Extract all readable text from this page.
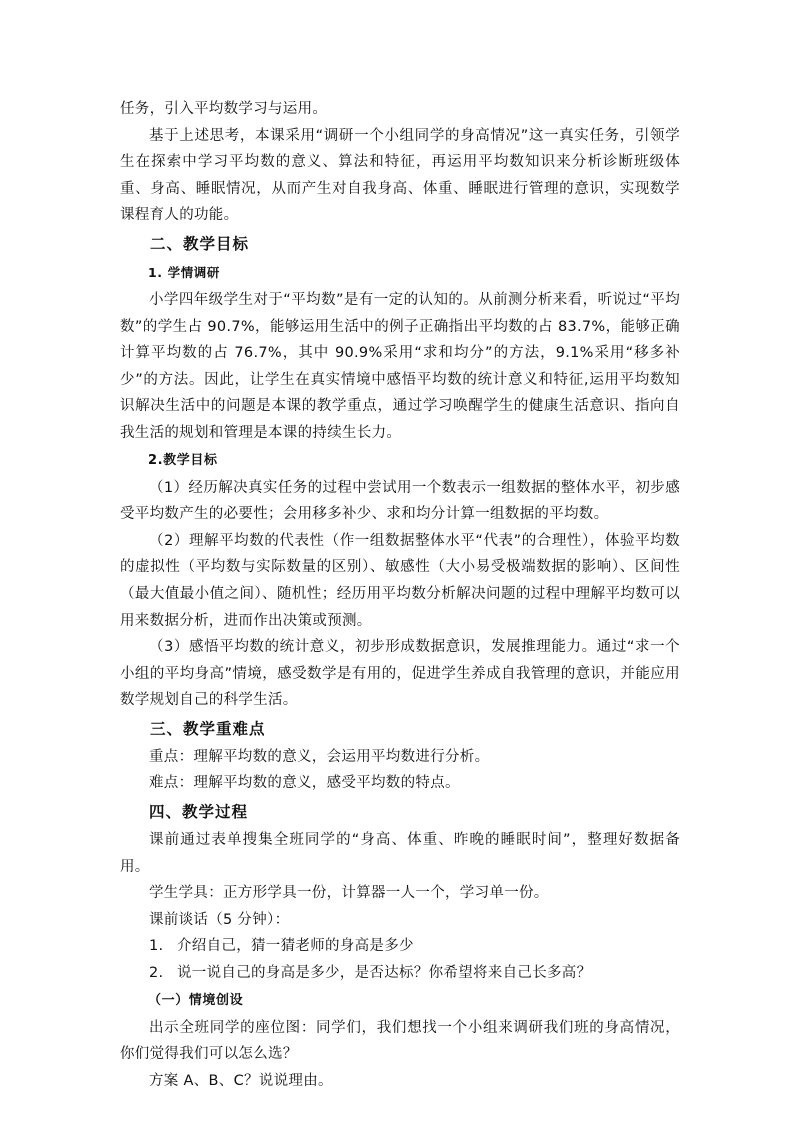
任务，引入平均数学习与运用。

基于上述思考，本课采用“调研一个小组同学的身高情况”这一真实任务，引领学生在探索中学习平均数的意义、算法和特征，再运用平均数知识来分析诊断班级体重、身高、睡眠情况，从而产生对自我身高、体重、睡眠进行管理的意识，实现数学课程育人的功能。

二、教学目标

1. 学情调研

小学四年级学生对于“平均数”是有一定的认知的。从前测分析来看，听说过“平均数”的学生占 90.7%，能够运用生活中的例子正确指出平均数的占 83.7%，能够正确计算平均数的占 76.7%，其中 90.9%采用“求和均分”的方法，9.1%采用“移多补少”的方法。因此，让学生在真实情境中感悟平均数的统计意义和特征,运用平均数知识解决生活中的问题是本课的教学重点，通过学习唤醒学生的健康生活意识、指向自我生活的规划和管理是本课的持续生长力。

2.教学目标

（1）经历解决真实任务的过程中尝试用一个数表示一组数据的整体水平，初步感受平均数产生的必要性；会用移多补少、求和均分计算一组数据的平均数。

（2）理解平均数的代表性（作一组数据整体水平“代表”的合理性），体验平均数的虚拟性（平均数与实际数量的区别）、敏感性（大小易受极端数据的影响）、区间性（最大值最小值之间）、随机性；经历用平均数分析解决问题的过程中理解平均数可以用来数据分析，进而作出决策或预测。

（3）感悟平均数的统计意义，初步形成数据意识，发展推理能力。通过“求一个小组的平均身高”情境，感受数学是有用的，促进学生养成自我管理的意识，并能应用数学规划自己的科学生活。

三、教学重难点

重点：理解平均数的意义，会运用平均数进行分析。

难点：理解平均数的意义，感受平均数的特点。

四、教学过程

课前通过表单搜集全班同学的“身高、体重、昨晚的睡眠时间”，整理好数据备用。

学生学具：正方形学具一份，计算器一人一个，学习单一份。

课前谈话（5 分钟）：

1. 介绍自己，猜一猜老师的身高是多少
2. 说一说自己的身高是多少，是否达标？你希望将来自己长多高？

（一）情境创设

出示全班同学的座位图：同学们，我们想找一个小组来调研我们班的身高情况，你们觉得我们可以怎么选？

方案 A、B、C？说说理由。
